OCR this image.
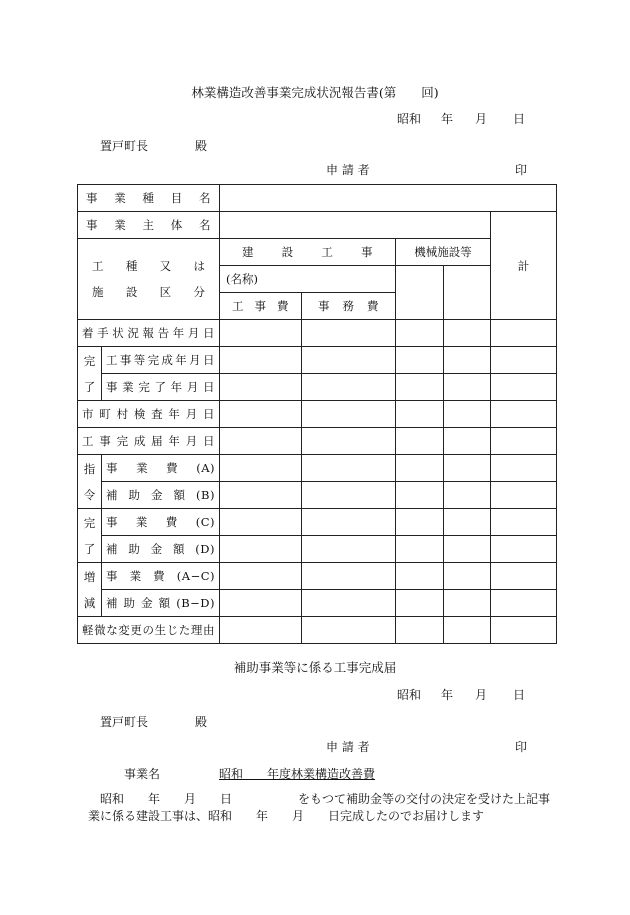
林業構造改善事業完成状況報告書(第　　回)
昭和 年 月 日
置戸町長	殿
申 請 者	印
事業種目名						
事業主体名						計

工種又は
施設区分		建設工事		機械施設等		
		(名称)				
		工事費	事務費			
着手状況報告年月日						

完
了	工事等完成年月日					
	事業完了年月日					
市町村検査年月日						
工事完成届年月日						

指
令	事業費(A)					
	補助金額(B)					

完
了	事業費(C)					
	補助金額(D)					

増
減	事業費(A−C)					
	補助金額(B−D)					
軽微な変更の生じた理由						
補助事業等に係る工事完成届
昭和 年 月 日
置戸町長	殿
申 請 者	印
事業名	昭和　　年度林業構造改善費
昭和　　年　　月　　日	をもつて補助金等の交付の決定を受けた上記事
業に係る建設工事は、昭和　　年　　月　　日完成したのでお届けします
